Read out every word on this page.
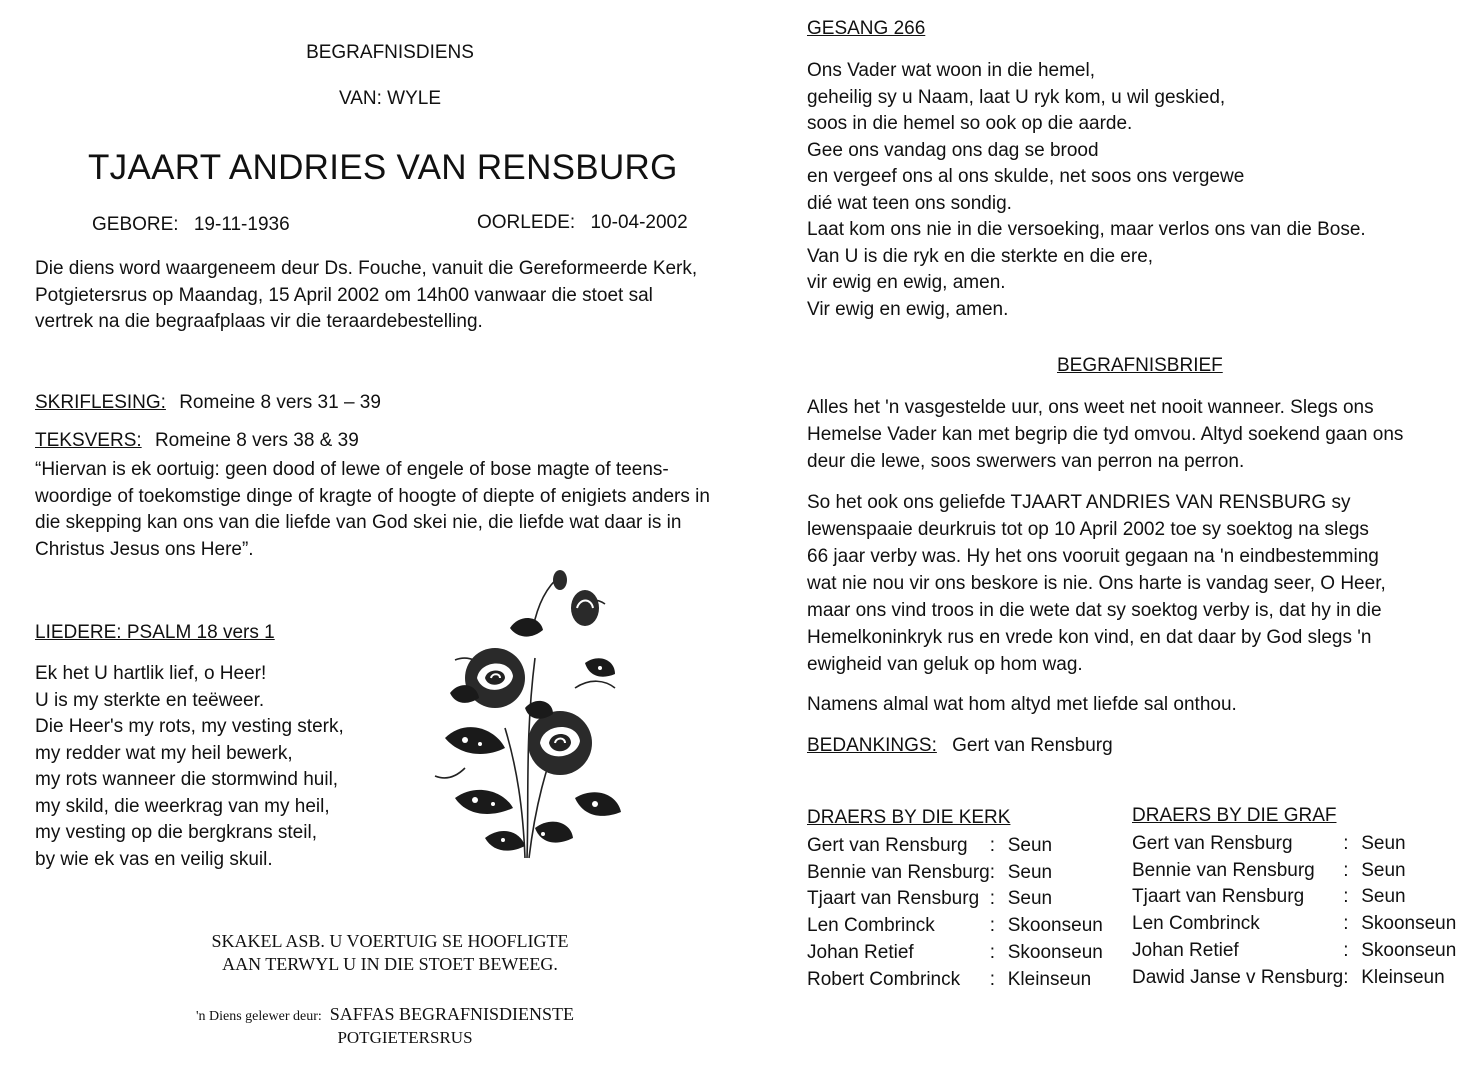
BEGRAFNISDIENS
VAN: WYLE
TJAART ANDRIES VAN RENSBURG
GEBORE: 19-11-1936	OORLEDE: 10-04-2002
Die diens word waargeneem deur Ds. Fouche, vanuit die Gereformeerde Kerk,
Potgietersrus op Maandag, 15 April 2002 om 14h00 vanwaar die stoet sal
vertrek na die begraafplaas vir die teraardebestelling.
SKRIFLESING: Romeine 8 vers 31 – 39
TEKSVERS: Romeine 8 vers 38 & 39
“Hiervan is ek oortuig: geen dood of lewe of engele of bose magte of teens-
woordige of toekomstige dinge of kragte of hoogte of diepte of enigiets anders in
die skepping kan ons van die liefde van God skei nie, die liefde wat daar is in
Christus Jesus ons Here”.
LIEDERE: PSALM 18 vers 1
Ek het U hartlik lief, o Heer!
U is my sterkte en teëweer.
Die Heer's my rots, my vesting sterk,
my redder wat my heil bewerk,
my rots wanneer die stormwind huil,
my skild, die weerkrag van my heil,
my vesting op die bergkrans steil,
by wie ek vas en veilig skuil.
SKAKEL ASB. U VOERTUIG SE HOOFLIGTE
AAN TERWYL U IN DIE STOET BEWEEG.
'n Diens gelewer deur: SAFFAS BEGRAFNISDIENSTE
POTGIETERSRUS
GESANG 266
Ons Vader wat woon in die hemel,
geheilig sy u Naam, laat U ryk kom, u wil geskied,
soos in die hemel so ook op die aarde.
Gee ons vandag ons dag se brood
en vergeef ons al ons skulde, net soos ons vergewe
dié wat teen ons sondig.
Laat kom ons nie in die versoeking, maar verlos ons van die Bose.
Van U is die ryk en die sterkte en die ere,
vir ewig en ewig, amen.
Vir ewig en ewig, amen.
BEGRAFNISBRIEF
Alles het 'n vasgestelde uur, ons weet net nooit wanneer. Slegs ons
Hemelse Vader kan met begrip die tyd omvou. Altyd soekend gaan ons
deur die lewe, soos swerwers van perron na perron.
So het ook ons geliefde TJAART ANDRIES VAN RENSBURG sy
lewenspaaie deurkruis tot op 10 April 2002 toe sy soektog na slegs
66 jaar verby was. Hy het ons vooruit gegaan na 'n eindbestemming
wat nie nou vir ons beskore is nie. Ons harte is vandag seer, O Heer,
maar ons vind troos in die wete dat sy soektog verby is, dat hy in die
Hemelkoninkryk rus en vrede kon vind, en dat daar by God slegs 'n
ewigheid van geluk op hom wag.
Namens almal wat hom altyd met liefde sal onthou.
BEDANKINGS: Gert van Rensburg
DRAERS BY DIE KERK
Gert van Rensburg	:	Seun
Bennie van Rensburg	:	Seun
Tjaart van Rensburg	:	Seun
Len Combrinck	:	Skoonseun
Johan Retief	:	Skoonseun
Robert Combrinck	:	Kleinseun
DRAERS BY DIE GRAF
Gert van Rensburg	:	Seun
Bennie van Rensburg	:	Seun
Tjaart van Rensburg	:	Seun
Len Combrinck	:	Skoonseun
Johan Retief	:	Skoonseun
Dawid Janse v Rensburg	:	Kleinseun
